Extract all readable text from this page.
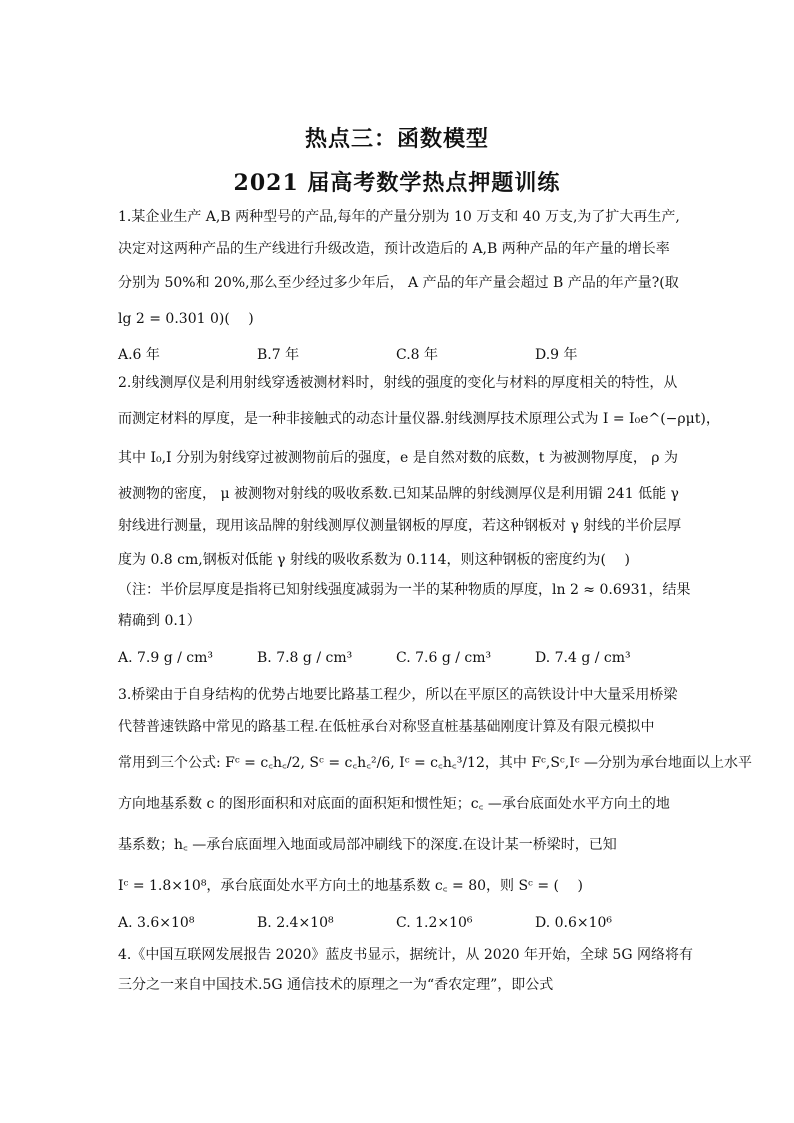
热点三：函数模型
2021 届高考数学热点押题训练
1.某企业生产 A,B 两种型号的产品,每年的产量分别为 10 万支和 40 万支,为了扩大再生产,
决定对这两种产品的生产线进行升级改造，预计改造后的 A,B 两种产品的年产量的增长率
分别为 50%和 20%,那么至少经过多少年后， A 产品的年产量会超过 B 产品的年产量?(取
lg 2 = 0.301 0)(　 )
A.6 年	B.7 年	C.8 年	D.9 年
2.射线测厚仪是利用射线穿透被测材料时，射线的强度的变化与材料的厚度相关的特性，从
而测定材料的厚度，是一种非接触式的动态计量仪器.射线测厚技术原理公式为 I = I₀e^(−ρμt)，
其中 I₀,I 分别为射线穿过被测物前后的强度，e 是自然对数的底数，t 为被测物厚度， ρ 为
被测物的密度， μ 被测物对射线的吸收系数.已知某品牌的射线测厚仪是利用镅 241 低能 γ
射线进行测量，现用该品牌的射线测厚仪测量钢板的厚度，若这种钢板对 γ 射线的半价层厚
度为 0.8 cm,钢板对低能 γ 射线的吸收系数为 0.114，则这种钢板的密度约为(　 )
（注：半价层厚度是指将已知射线强度减弱为一半的某种物质的厚度，ln 2 ≈ 0.6931，结果
精确到 0.1）
A. 7.9 g / cm³	B. 7.8 g / cm³	C. 7.6 g / cm³	D. 7.4 g / cm³
3.桥梁由于自身结构的优势占地要比路基工程少，所以在平原区的高铁设计中大量采用桥梁
代替普速铁路中常见的路基工程.在低桩承台对称竖直桩基基础刚度计算及有限元模拟中
常用到三个公式: Fᶜ = c꜀h꜀/2, Sᶜ = c꜀h꜀²/6, Iᶜ = c꜀h꜀³/12，其中 Fᶜ,Sᶜ,Iᶜ —分别为承台地面以上水平
方向地基系数 c 的图形面积和对底面的面积矩和惯性矩；c꜀ —承台底面处水平方向土的地
基系数；h꜀ —承台底面埋入地面或局部冲刷线下的深度.在设计某一桥梁时，已知
Iᶜ = 1.8×10⁸，承台底面处水平方向土的地基系数 c꜀ = 80，则 Sᶜ = (　 )
A. 3.6×10⁸	B. 2.4×10⁸	C. 1.2×10⁶	D. 0.6×10⁶
4.《中国互联网发展报告 2020》蓝皮书显示，据统计，从 2020 年开始，全球 5G 网络将有
三分之一来自中国技术.5G 通信技术的原理之一为“香农定理”，即公式
